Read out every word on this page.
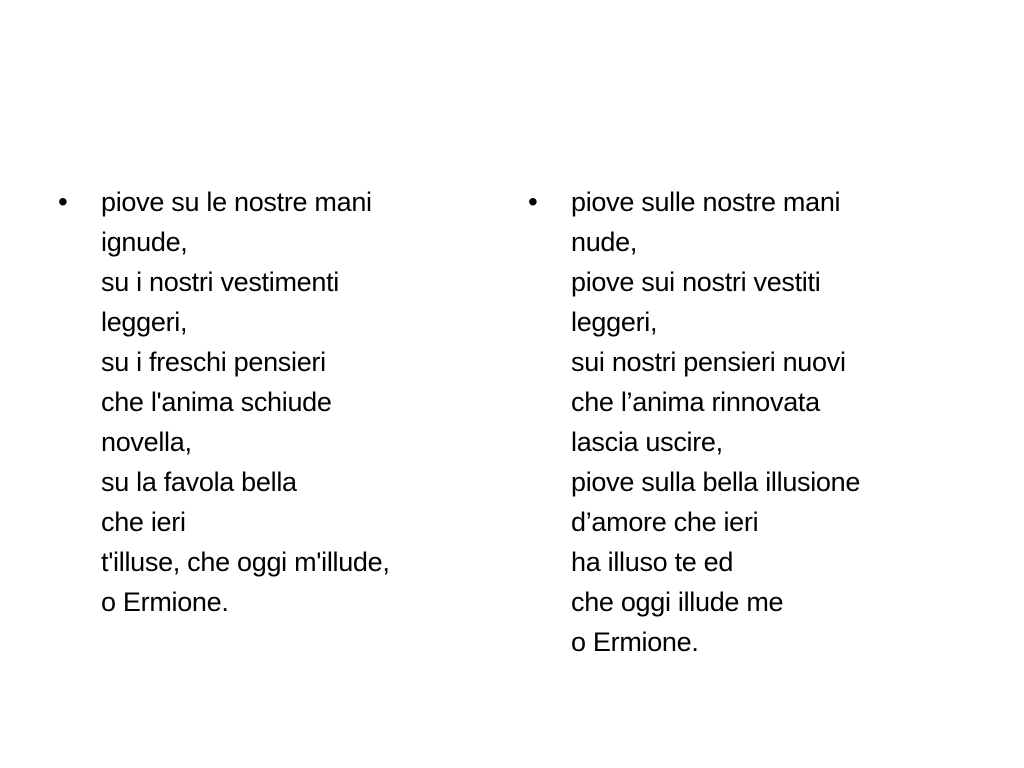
• piove su le nostre mani
ignude,
su i nostri vestimenti
leggeri,
su i freschi pensieri
che l'anima schiude
novella,
su la favola bella
che ieri
t'illuse, che oggi m'illude,
o Ermione.
• piove sulle nostre mani
nude,
piove sui nostri vestiti
leggeri,
sui nostri pensieri nuovi
che l’anima rinnovata
lascia uscire,
piove sulla bella illusione
d’amore che ieri
ha illuso te ed
che oggi illude me
o Ermione.
